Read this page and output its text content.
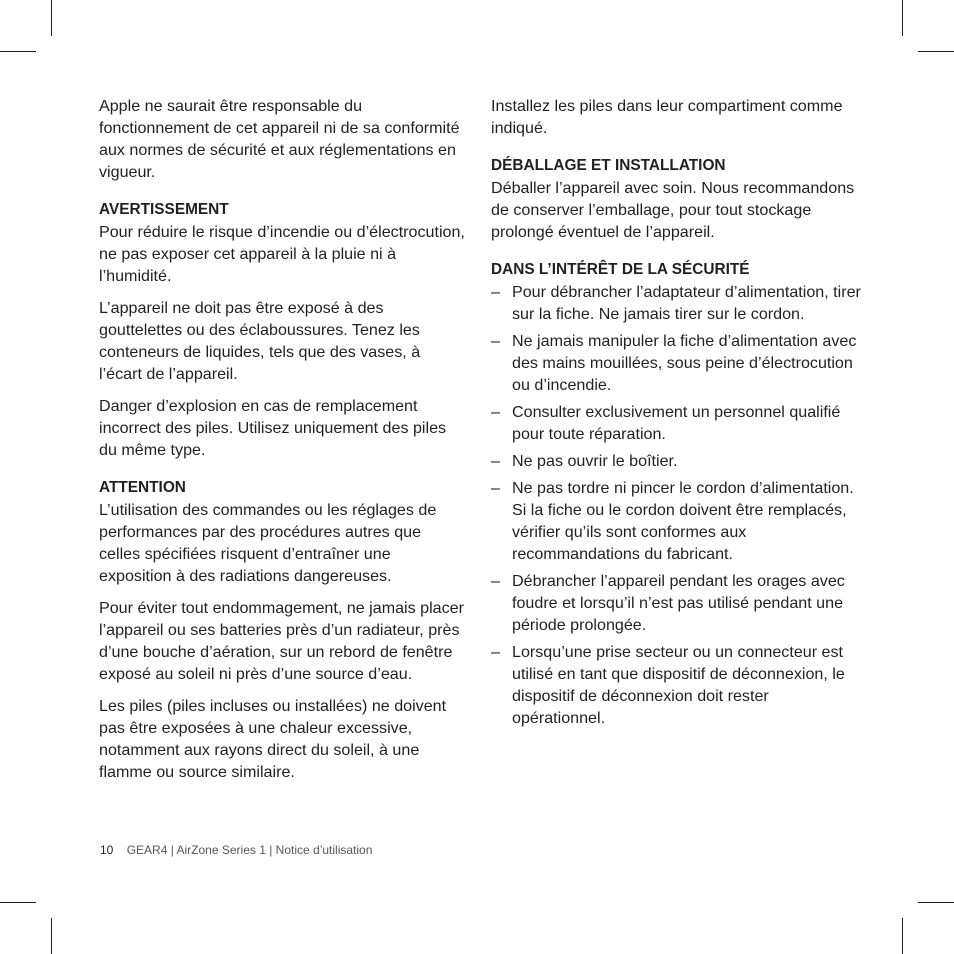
Apple ne saurait être responsable du fonctionnement de cet appareil ni de sa conformité aux normes de sécurité et aux réglementations en vigueur.

AVERTISSEMENT

Pour réduire le risque d’incendie ou d’électrocution, ne pas exposer cet appareil à la pluie ni à l’humidité.

L’appareil ne doit pas être exposé à des gouttelettes ou des éclaboussures. Tenez les conteneurs de liquides, tels que des vases, à l’écart de l’appareil.

Danger d’explosion en cas de remplacement incorrect des piles. Utilisez uniquement des piles du même type.

ATTENTION

L’utilisation des commandes ou les réglages de performances par des procédures autres que celles spécifiées risquent d’entraîner une exposition à des radiations dangereuses.

Pour éviter tout endommagement, ne jamais placer l’appareil ou ses batteries près d’un radiateur, près d’une bouche d’aération, sur un rebord de fenêtre exposé au soleil ni près d’une source d’eau.

Les piles (piles incluses ou installées) ne doivent pas être exposées à une chaleur excessive, notamment aux rayons direct du soleil, à une flamme ou source similaire.

Installez les piles dans leur compartiment comme indiqué.

DÉBALLAGE ET INSTALLATION

Déballer l’appareil avec soin. Nous recommandons de conserver l’emballage, pour tout stockage prolongé éventuel de l’appareil.

DANS L’INTÉRÊT DE LA SÉCURITÉ
– Pour débrancher l’adaptateur d’alimentation, tirer sur la fiche. Ne jamais tirer sur le cordon.
– Ne jamais manipuler la fiche d’alimentation avec des mains mouillées, sous peine d’électrocution ou d’incendie.
– Consulter exclusivement un personnel qualifié pour toute réparation.
– Ne pas ouvrir le boîtier.
– Ne pas tordre ni pincer le cordon d’alimentation. Si la fiche ou le cordon doivent être remplacés, vérifier qu’ils sont conformes aux recommandations du fabricant.
– Débrancher l’appareil pendant les orages avec foudre et lorsqu’il n’est pas utilisé pendant une période prolongée.
– Lorsqu’une prise secteur ou un connecteur est utilisé en tant que dispositif de déconnexion, le dispositif de déconnexion doit rester opérationnel.
10 GEAR4 | AirZone Series 1 | Notice d’utilisation
